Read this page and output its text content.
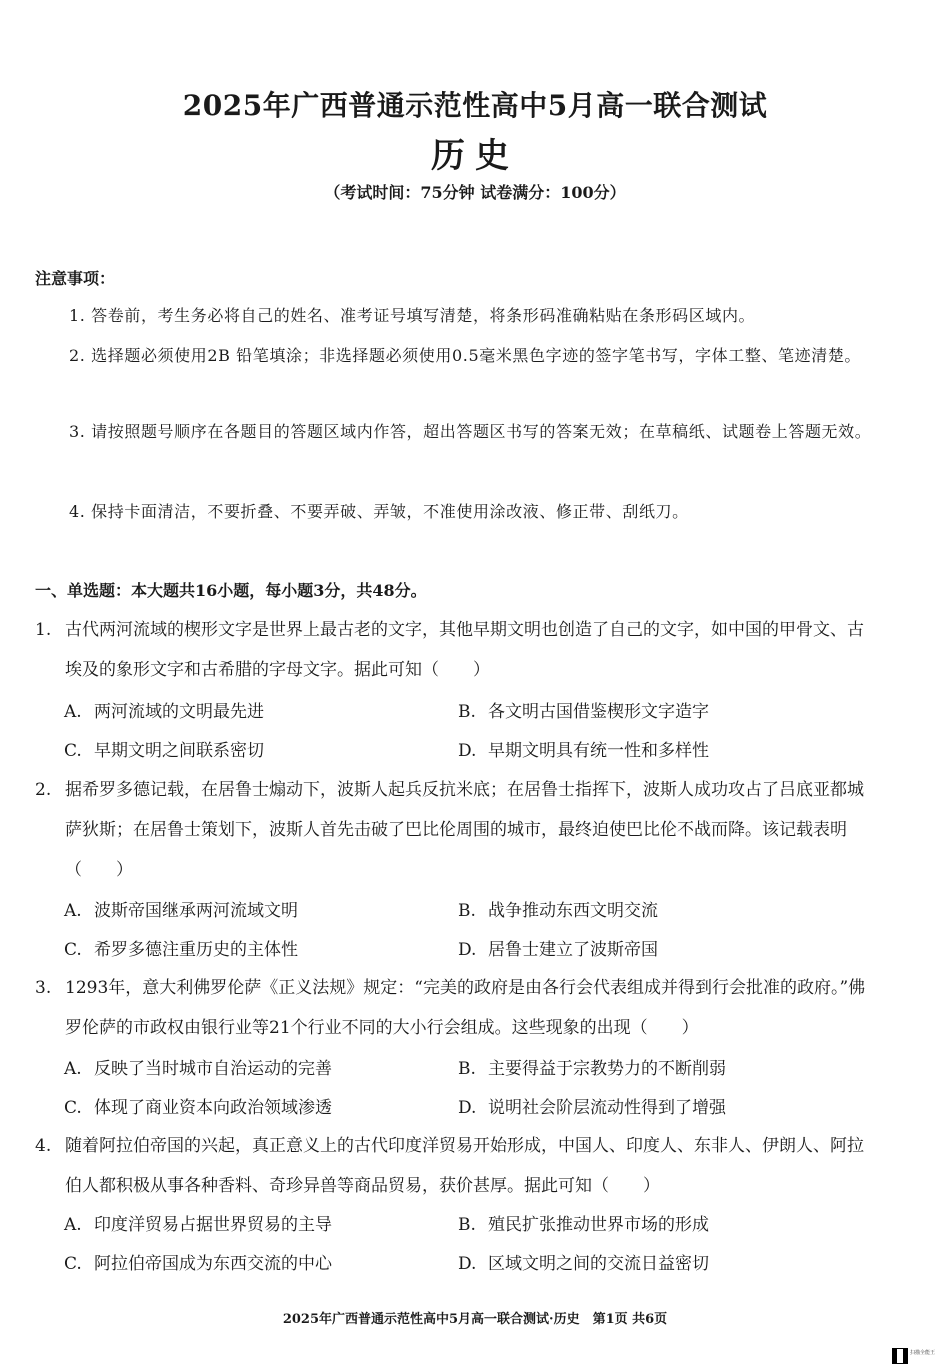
2025年广西普通示范性高中5月高一联合测试
历史
（考试时间：75分钟 试卷满分：100分）
注意事项：
1. 答卷前，考生务必将自己的姓名、准考证号填写清楚，将条形码准确粘贴在条形码区域内。
2. 选择题必须使用2B 铅笔填涂；非选择题必须使用0.5毫米黑色字迹的签字笔书写，字体工整、笔迹清楚。
3. 请按照题号顺序在各题目的答题区域内作答，超出答题区书写的答案无效；在草稿纸、试题卷上答题无效。
4. 保持卡面清洁，不要折叠、不要弄破、弄皱，不准使用涂改液、修正带、刮纸刀。
一、单选题：本大题共16小题，每小题3分，共48分。
1. 古代两河流域的楔形文字是世界上最古老的文字，其他早期文明也创造了自己的文字，如中国的甲骨文、古埃及的象形文字和古希腊的字母文字。据此可知（　　）
A. 两河流域的文明最先进	B. 各文明古国借鉴楔形文字造字
C. 早期文明之间联系密切	D. 早期文明具有统一性和多样性
2. 据希罗多德记载，在居鲁士煽动下，波斯人起兵反抗米底；在居鲁士指挥下，波斯人成功攻占了吕底亚都城萨狄斯；在居鲁士策划下，波斯人首先击破了巴比伦周围的城市，最终迫使巴比伦不战而降。该记载表明（　　）
A. 波斯帝国继承两河流域文明	B. 战争推动东西文明交流
C. 希罗多德注重历史的主体性	D. 居鲁士建立了波斯帝国
3. 1293年，意大利佛罗伦萨《正义法规》规定：“完美的政府是由各行会代表组成并得到行会批准的政府。”佛罗伦萨的市政权由银行业等21个行业不同的大小行会组成。这些现象的出现（　　）
A. 反映了当时城市自治运动的完善	B. 主要得益于宗教势力的不断削弱
C. 体现了商业资本向政治领域渗透	D. 说明社会阶层流动性得到了增强
4. 随着阿拉伯帝国的兴起，真正意义上的古代印度洋贸易开始形成，中国人、印度人、东非人、伊朗人、阿拉伯人都积极从事各种香料、奇珍异兽等商品贸易，获价甚厚。据此可知（　　）
A. 印度洋贸易占据世界贸易的主导	B. 殖民扩张推动世界市场的形成
C. 阿拉伯帝国成为东西交流的中心	D. 区域文明之间的交流日益密切
2025年广西普通示范性高中5月高一联合测试·历史　第1页 共6页
扫描全能王
